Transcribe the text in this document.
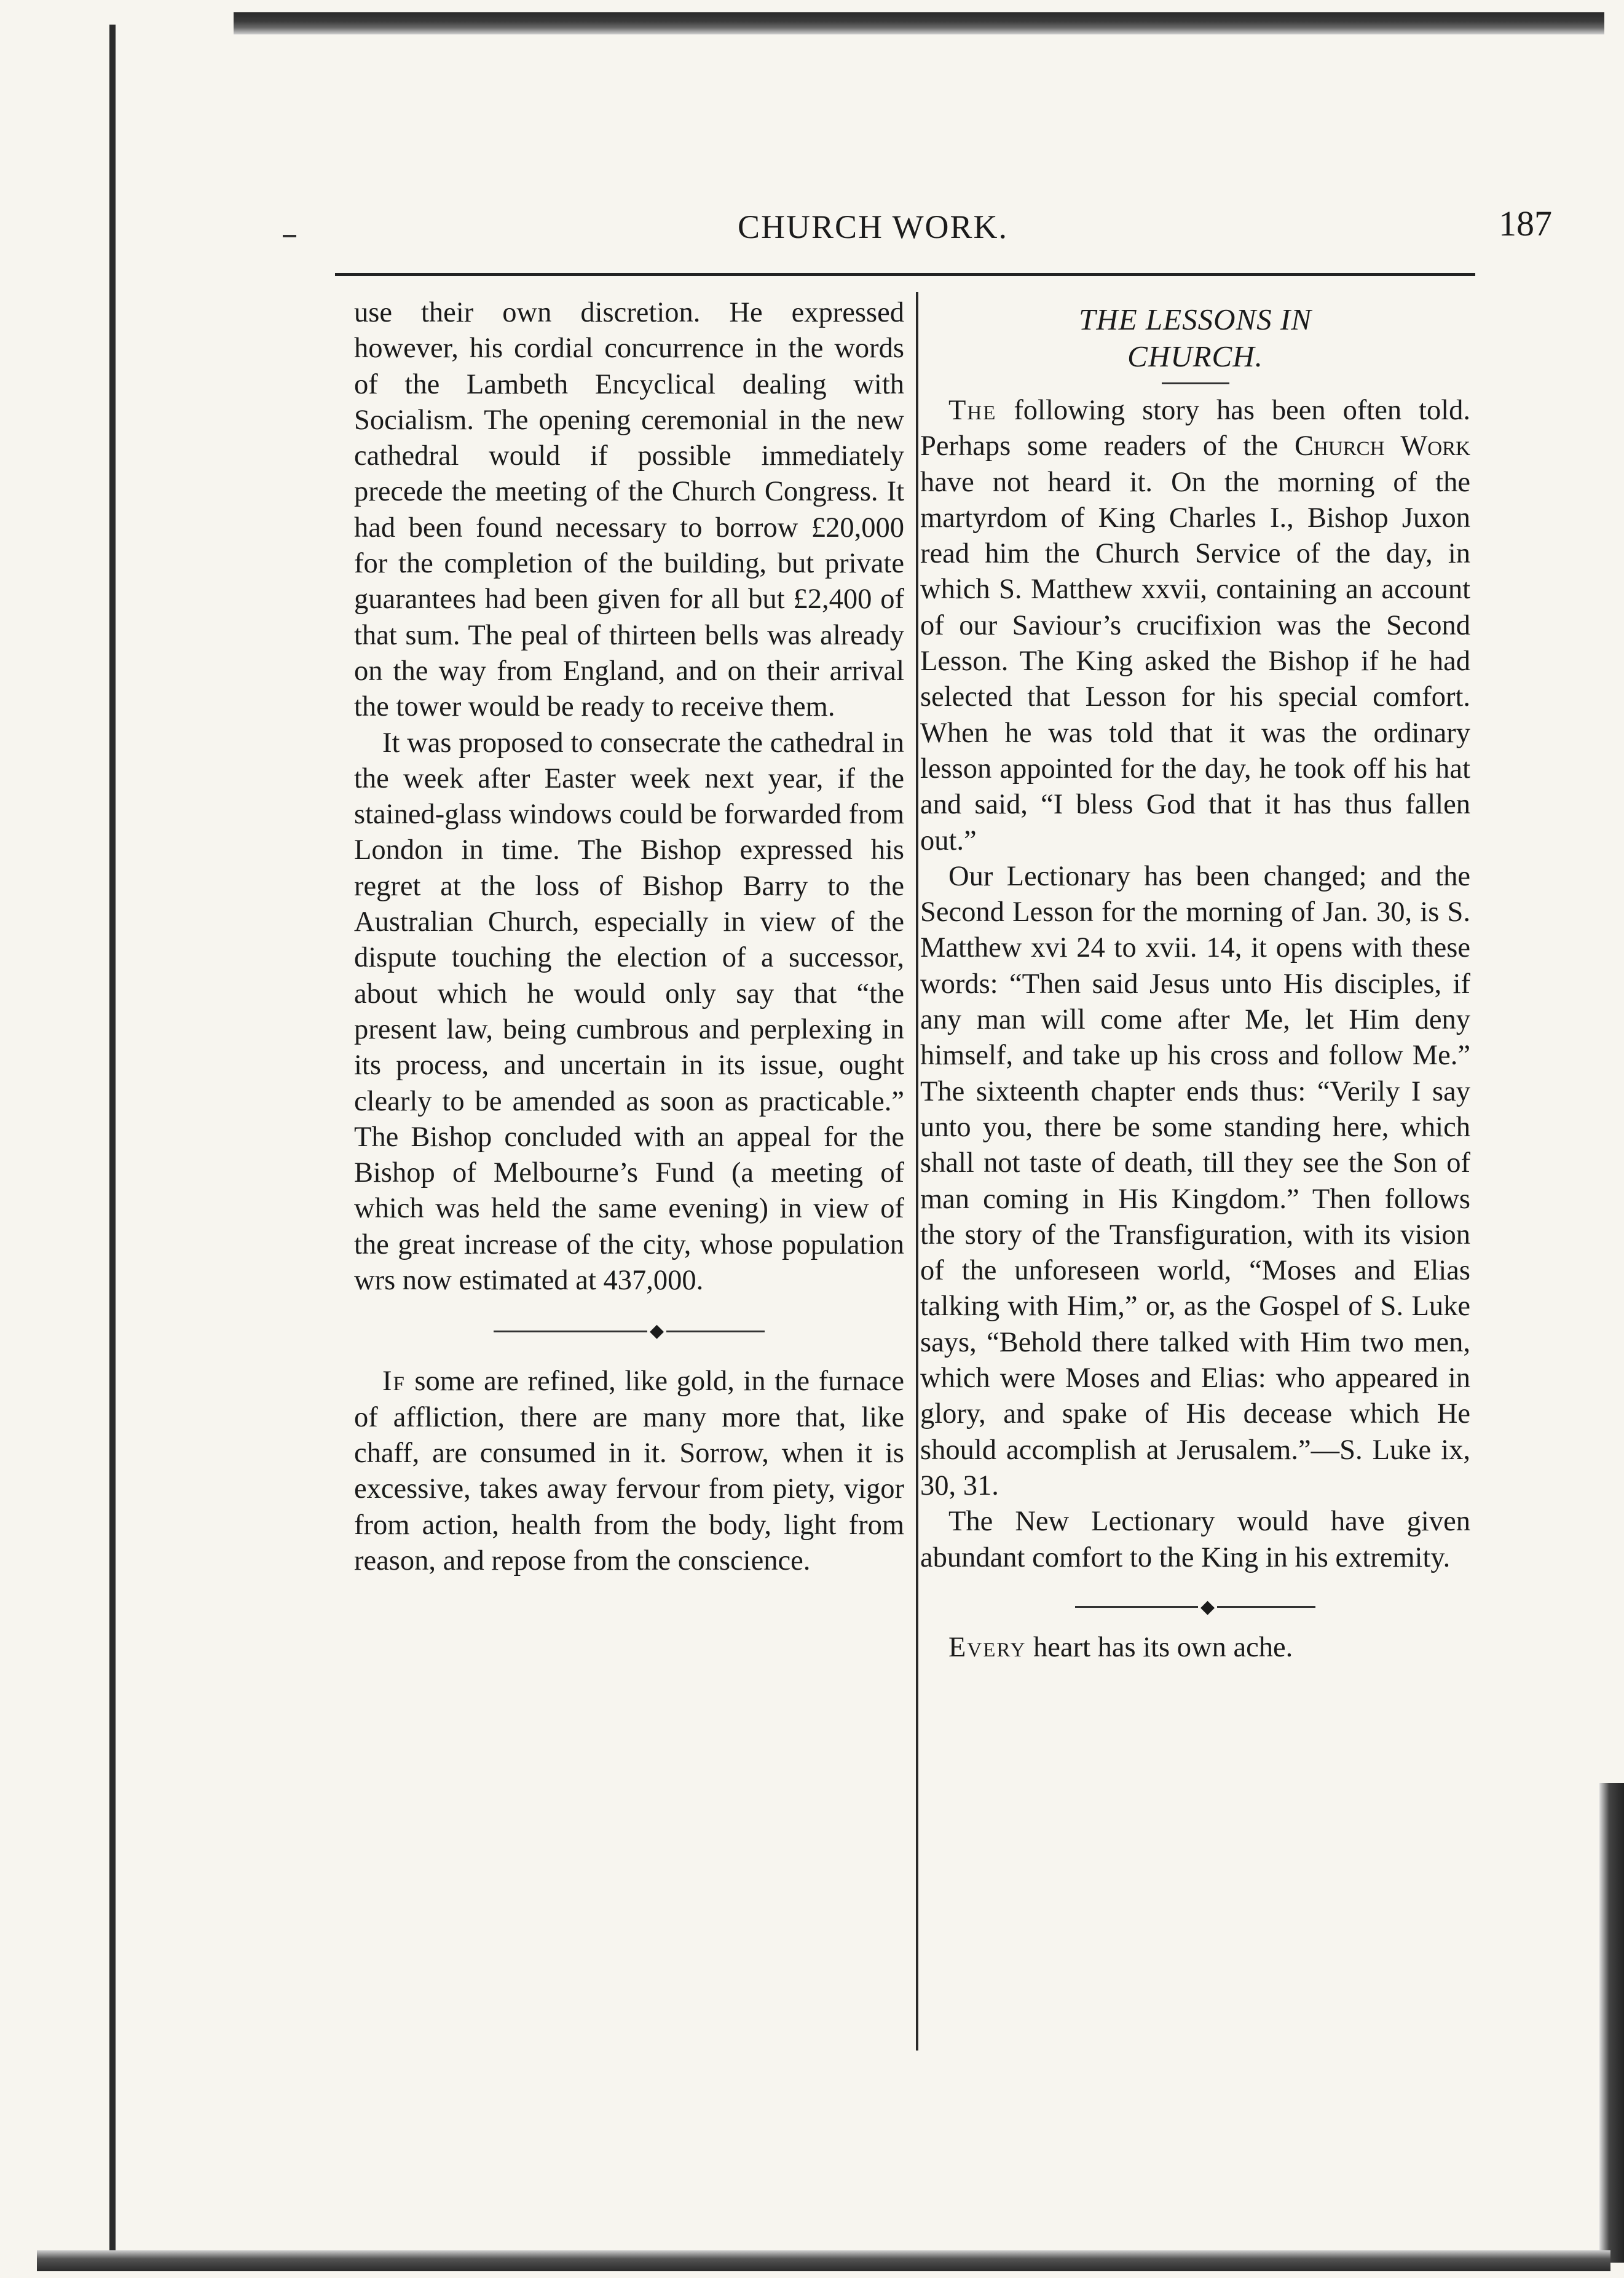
CHURCH WORK.	187

use their own discretion. He expressed however, his cordial concurrence in the words of the Lambeth Encyclical dealing with Socialism. The opening ceremonial in the new cathedral would if possible immediately precede the meeting of the Church Congress. It had been found necessary to borrow £20,000 for the completion of the building, but private guarantees had been given for all but £2,400 of that sum. The peal of thirteen bells was already on the way from England, and on their arrival the tower would be ready to receive them.

It was proposed to consecrate the cathedral in the week after Easter week next year, if the stained-glass windows could be forwarded from London in time. The Bishop expressed his regret at the loss of Bishop Barry to the Australian Church, especially in view of the dispute touching the election of a successor, about which he would only say that “the present law, being cumbrous and perplexing in its process, and uncertain in its issue, ought clearly to be amended as soon as practicable.” The Bishop concluded with an appeal for the Bishop of Melbourne’s Fund (a meeting of which was held the same evening) in view of the great increase of the city, whose population wrs now estimated at 437,000.

◆

If some are refined, like gold, in the furnace of affliction, there are many more that, like chaff, are consumed in it. Sorrow, when it is excessive, takes away fervour from piety, vigor from action, health from the body, light from reason, and repose from the conscience.

THE LESSONS IN
CHURCH.

The following story has been often told. Perhaps some readers of the Church Work have not heard it. On the morning of the martyrdom of King Charles I., Bishop Juxon read him the Church Service of the day, in which S. Matthew xxvii, containing an account of our Saviour’s crucifixion was the Second Lesson. The King asked the Bishop if he had selected that Lesson for his special comfort. When he was told that it was the ordinary lesson appointed for the day, he took off his hat and said, “I bless God that it has thus fallen out.”

Our Lectionary has been changed; and the Second Lesson for the morning of Jan. 30, is S. Matthew xvi 24 to xvii. 14, it opens with these words: “Then said Jesus unto His disciples, if any man will come after Me, let Him deny himself, and take up his cross and follow Me.” The sixteenth chapter ends thus: “Verily I say unto you, there be some standing here, which shall not taste of death, till they see the Son of man coming in His Kingdom.” Then follows the story of the Transfiguration, with its vision of the unforeseen world, “Moses and Elias talking with Him,” or, as the Gospel of S. Luke says, “Behold there talked with Him two men, which were Moses and Elias: who appeared in glory, and spake of His decease which He should accomplish at Jerusalem.”—S. Luke ix, 30, 31.

The New Lectionary would have given abundant comfort to the King in his extremity.

◆

Every heart has its own ache.
